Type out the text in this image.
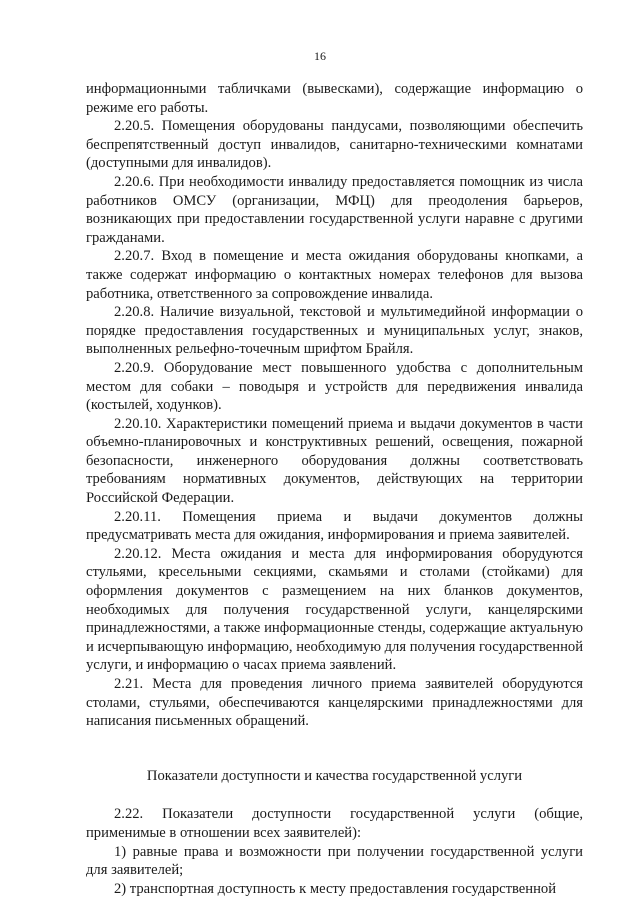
16

информационными табличками (вывесками), содержащие информацию о режиме его работы.

2.20.5. Помещения оборудованы пандусами, позволяющими обеспечить беспрепятственный доступ инвалидов, санитарно-техническими комнатами (доступными для инвалидов).

2.20.6. При необходимости инвалиду предоставляется помощник из числа работников ОМСУ (организации, МФЦ) для преодоления барьеров, возникающих при предоставлении государственной услуги наравне с другими гражданами.

2.20.7. Вход в помещение и места ожидания оборудованы кнопками, а также содержат информацию о контактных номерах телефонов для вызова работника, ответственного за сопровождение инвалида.

2.20.8. Наличие визуальной, текстовой и мультимедийной информации о порядке предоставления государственных и муниципальных услуг, знаков, выполненных рельефно-точечным шрифтом Брайля.

2.20.9. Оборудование мест повышенного удобства с дополнительным местом для собаки – поводыря и устройств для передвижения инвалида (костылей, ходунков).

2.20.10. Характеристики помещений приема и выдачи документов в части объемно-планировочных и конструктивных решений, освещения, пожарной безопасности, инженерного оборудования должны соответствовать требованиям нормативных документов, действующих на территории Российской Федерации.

2.20.11. Помещения приема и выдачи документов должны предусматривать места для ожидания, информирования и приема заявителей.

2.20.12. Места ожидания и места для информирования оборудуются стульями, кресельными секциями, скамьями и столами (стойками) для оформления документов с размещением на них бланков документов, необходимых для получения государственной услуги, канцелярскими принадлежностями, а также информационные стенды, содержащие актуальную и исчерпывающую информацию, необходимую для получения государственной услуги, и информацию о часах приема заявлений.

2.21. Места для проведения личного приема заявителей оборудуются столами, стульями, обеспечиваются канцелярскими принадлежностями для написания письменных обращений.

Показатели доступности и качества государственной услуги

2.22. Показатели доступности государственной услуги (общие, применимые в отношении всех заявителей):

1) равные права и возможности при получении государственной услуги для заявителей;

2) транспортная доступность к месту предоставления государственной
